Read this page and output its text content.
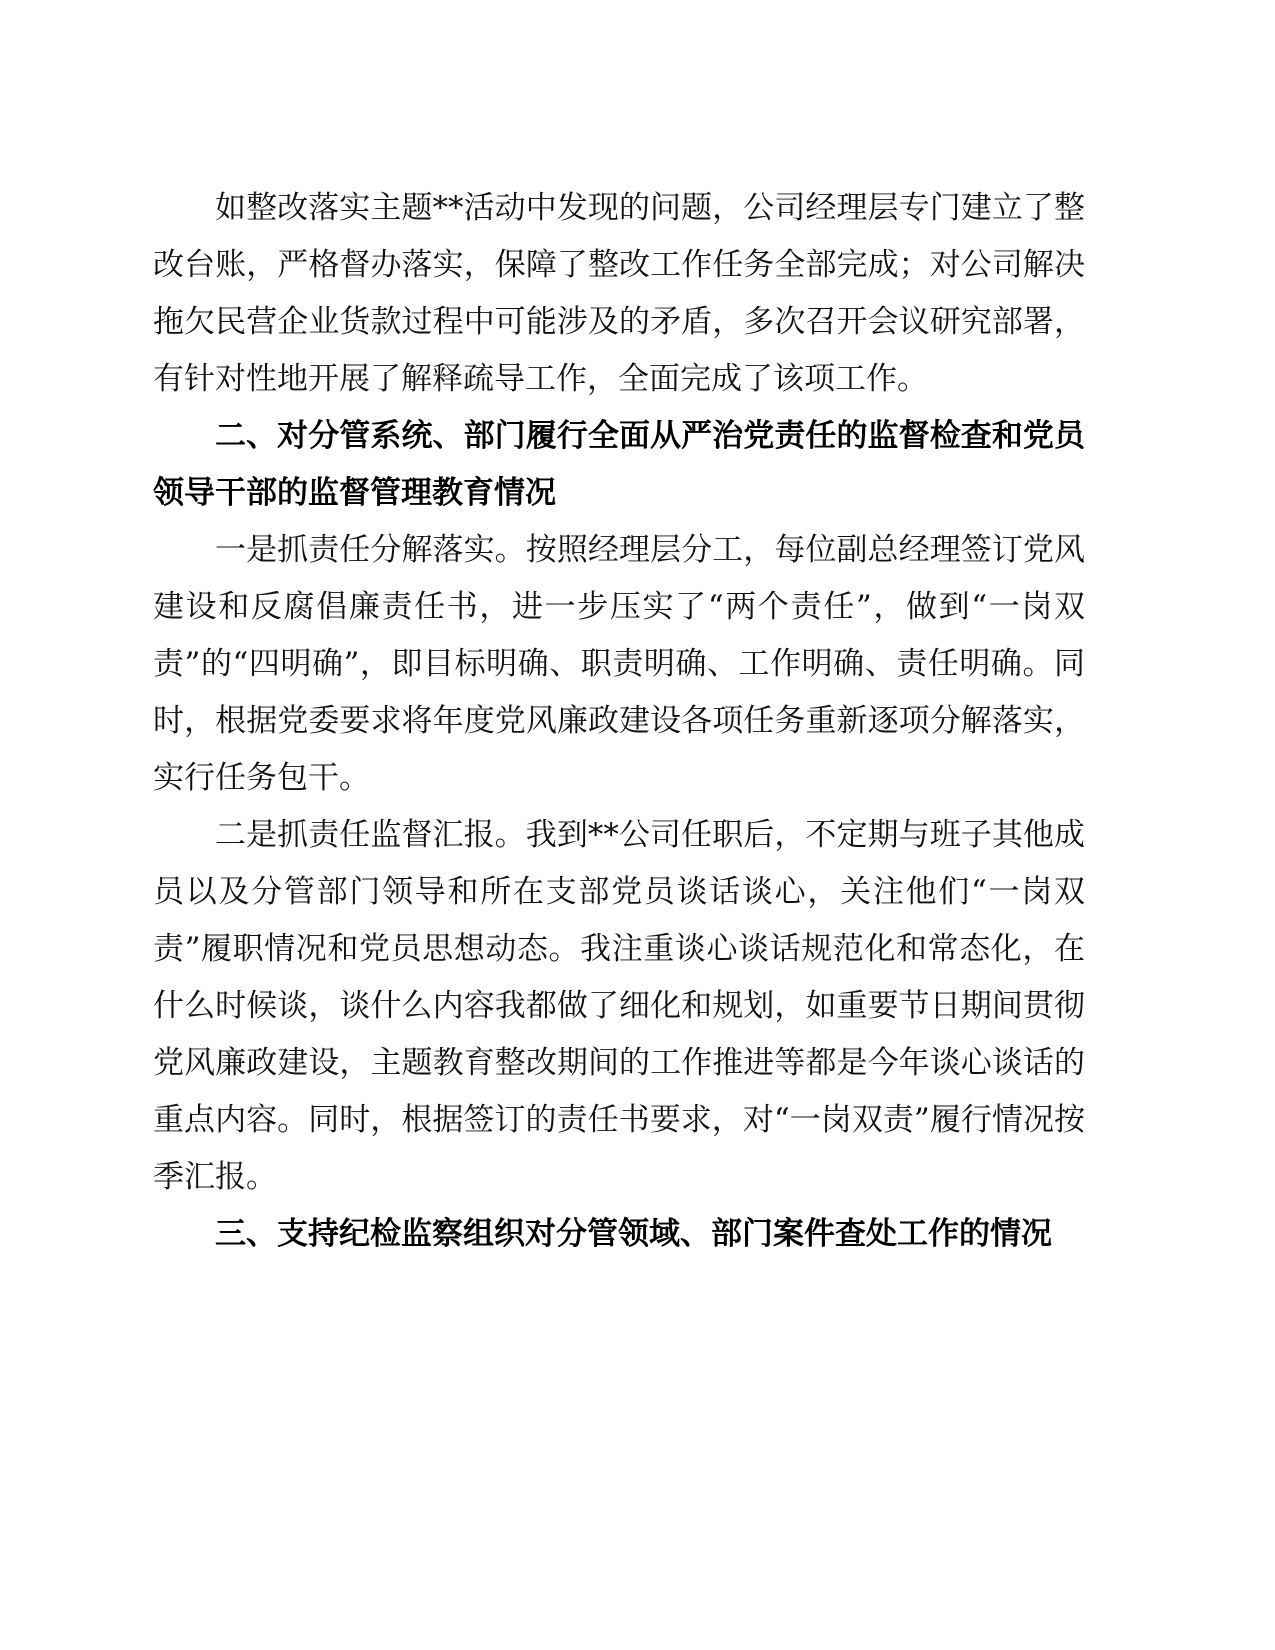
如整改落实主题**活动中发现的问题，公司经理层专门建立了整改台账，严格督办落实，保障了整改工作任务全部完成；对公司解决拖欠民营企业货款过程中可能涉及的矛盾，多次召开会议研究部署，有针对性地开展了解释疏导工作，全面完成了该项工作。

二、对分管系统、部门履行全面从严治党责任的监督检查和党员领导干部的监督管理教育情况

一是抓责任分解落实。按照经理层分工，每位副总经理签订党风建设和反腐倡廉责任书，进一步压实了“两个责任”，做到“一岗双责”的“四明确”，即目标明确、职责明确、工作明确、责任明确。同时，根据党委要求将年度党风廉政建设各项任务重新逐项分解落实，实行任务包干。

二是抓责任监督汇报。我到**公司任职后，不定期与班子其他成员以及分管部门领导和所在支部党员谈话谈心，关注他们“一岗双责”履职情况和党员思想动态。我注重谈心谈话规范化和常态化，在什么时候谈，谈什么内容我都做了细化和规划，如重要节日期间贯彻党风廉政建设，主题教育整改期间的工作推进等都是今年谈心谈话的重点内容。同时，根据签订的责任书要求，对“一岗双责”履行情况按季汇报。

三、支持纪检监察组织对分管领域、部门案件查处工作的情况
